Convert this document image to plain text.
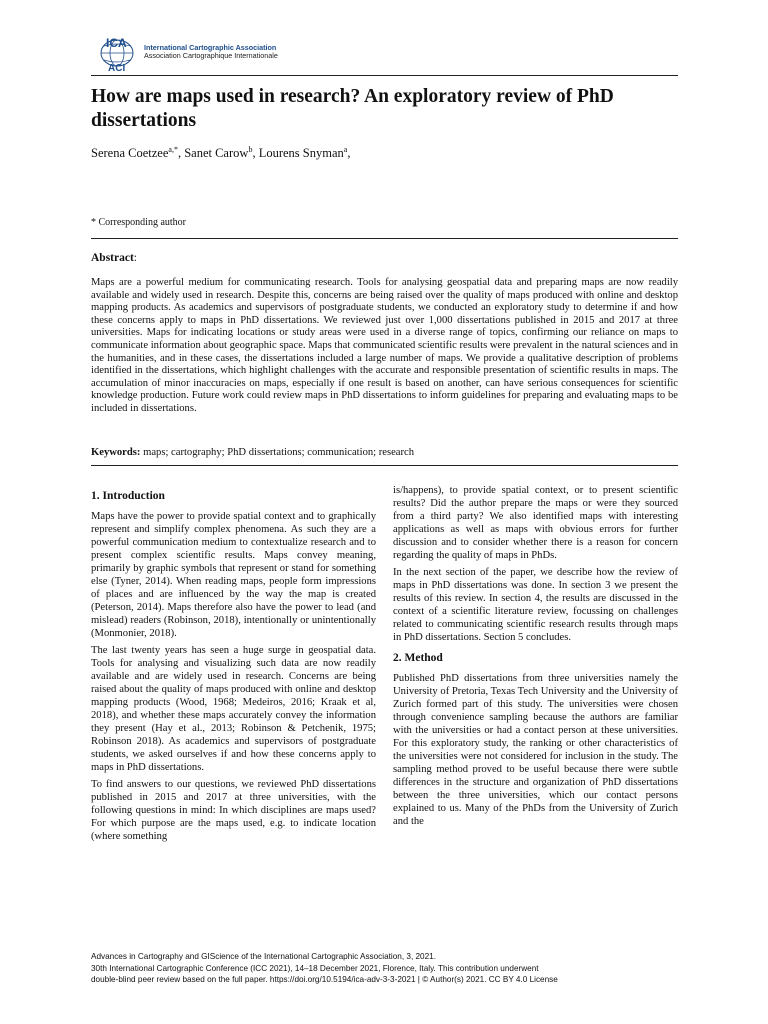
ICA
ACI
International Cartographic Association
Association Cartographique Internationale
How are maps used in research? An exploratory review of PhD dissertations
Serena Coetzee$^{a,*}$, Sanet Carow$^b$, Lourens Snyman$^a$,
* Corresponding author
Abstract:
Maps are a powerful medium for communicating research. Tools for analysing geospatial data and preparing maps are now readily available and widely used in research. Despite this, concerns are being raised over the quality of maps produced with online and desktop mapping products. As academics and supervisors of postgraduate students, we conducted an exploratory study to determine if and how these concerns apply to maps in PhD dissertations. We reviewed just over 1,000 dissertations published in 2015 and 2017 at three universities. Maps for indicating locations or study areas were used in a diverse range of topics, confirming our reliance on maps to communicate information about geographic space. Maps that communicated scientific results were prevalent in the natural sciences and in the humanities, and in these cases, the dissertations included a large number of maps. We provide a qualitative description of problems identified in the dissertations, which highlight challenges with the accurate and responsible presentation of scientific results in maps. The accumulation of minor inaccuracies on maps, especially if one result is based on another, can have serious consequences for scientific knowledge production. Future work could review maps in PhD dissertations to inform guidelines for preparing and evaluating maps to be included in dissertations.
Keywords: maps; cartography; PhD dissertations; communication; research
1. Introduction

Maps have the power to provide spatial context and to graphically represent and simplify complex phenomena. As such they are a powerful communication medium to contextualize research and to present complex scientific results. Maps convey meaning, primarily by graphic symbols that represent or stand for something else (Tyner, 2014). When reading maps, people form impressions of places and are influenced by the way the map is created (Peterson, 2014). Maps therefore also have the power to lead (and mislead) readers (Robinson, 2018), intentionally or unintentionally (Monmonier, 2018).

The last twenty years has seen a huge surge in geospatial data. Tools for analysing and visualizing such data are now readily available and are widely used in research. Concerns are being raised about the quality of maps produced with online and desktop mapping products (Wood, 1968; Medeiros, 2016; Kraak et al, 2018), and whether these maps accurately convey the information they present (Hay et al., 2013; Robinson & Petchenik, 1975; Robinson 2018). As academics and supervisors of postgraduate students, we asked ourselves if and how these concerns apply to maps in PhD dissertations.

To find answers to our questions, we reviewed PhD dissertations published in 2015 and 2017 at three universities, with the following questions in mind: In which disciplines are maps used? For which purpose are the maps used, e.g. to indicate location (where something

is/happens), to provide spatial context, or to present scientific results? Did the author prepare the maps or were they sourced from a third party? We also identified maps with interesting applications as well as maps with obvious errors for further discussion and to consider whether there is a reason for concern regarding the quality of maps in PhDs.

In the next section of the paper, we describe how the review of maps in PhD dissertations was done. In section 3 we present the results of this review. In section 4, the results are discussed in the context of a scientific literature review, focussing on challenges related to communicating scientific research results through maps in PhD dissertations. Section 5 concludes.

2. Method

Published PhD dissertations from three universities namely the University of Pretoria, Texas Tech University and the University of Zurich formed part of this study. The universities were chosen through convenience sampling because the authors are familiar with the universities or had a contact person at these universities. For this exploratory study, the ranking or other characteristics of the universities were not considered for inclusion in the study. The sampling method proved to be useful because there were subtle differences in the structure and organization of PhD dissertations between the three universities, which our contact persons explained to us. Many of the PhDs from the University of Zurich and the

Advances in Cartography and GIScience of the International Cartographic Association, 3, 2021.
30th International Cartographic Conference (ICC 2021), 14–18 December 2021, Florence, Italy. This contribution underwent
double-blind peer review based on the full paper. https://doi.org/10.5194/ica-adv-3-3-2021 | © Author(s) 2021. CC BY 4.0 License
